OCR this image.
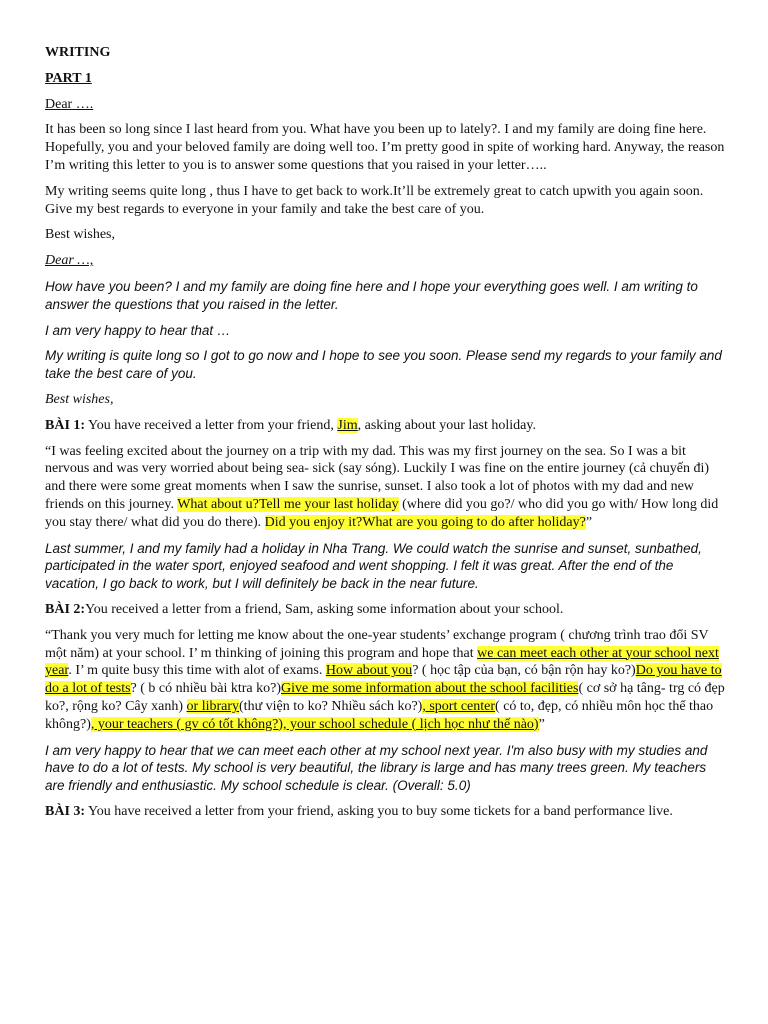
WRITING

PART 1

Dear ….

It has been so long since I last heard from you. What have you been up to lately?. I and my family are doing fine here. Hopefully, you and your beloved family are doing well too. I’m pretty good in spite of working hard. Anyway, the reason I’m writing this letter to you is to answer some questions that you raised in your letter…..

My writing seems quite long , thus I have to get back to work.It’ll be extremely great to catch upwith you again soon. Give my best regards to everyone in your family and take the best care of you.

Best wishes,

Dear …,

How have you been? I and my family are doing fine here and I hope your everything goes well. I am writing to answer the questions that you raised in the letter.

I am very happy to hear that …

My writing is quite long so I got to go now and I hope to see you soon. Please send my regards to your family and take the best care of you.

Best wishes,

BÀI 1: You have received a letter from your friend, Jim, asking about your last holiday.

“I was feeling excited about the journey on a trip with my dad. This was my first journey on the sea. So I was a bit nervous and was very worried about being sea- sick (say sóng). Luckily I was fine on the entire journey (cả chuyến đi) and there were some great moments when I saw the sunrise, sunset. I also took a lot of photos with my dad and new friends on this journey. What about u?Tell me your last holiday (where did you go?/ who did you go with/ How long did you stay there/ what did you do there). Did you enjoy it?What are you going to do after holiday?”

Last summer, I and my family had a holiday in Nha Trang. We could watch the sunrise and sunset, sunbathed, participated in the water sport, enjoyed seafood and went shopping. I felt it was great. After the end of the vacation, I go back to work, but I will definitely be back in the near future.

BÀI 2:You received a letter from a friend, Sam, asking some information about your school.

“Thank you very much for letting me know about the one-year students’ exchange program ( chương trình trao đổi SV một năm) at your school. I’ m thinking of joining this program and hope that we can meet each other at your school next year. I’ m quite busy this time with alot of exams. How about you? ( học tập của bạn, có bận rộn hay ko?)Do you have to do a lot of tests? ( b có nhiều bài ktra ko?)Give me some information about the school facilities( cơ sở hạ tâng- trg có đẹp ko?, rộng ko? Cây xanh) or library(thư viện to ko? Nhiều sách ko?), sport center( có to, đẹp, có nhiều môn học thể thao không?), your teachers ( gv có tốt không?), your school schedule ( lịch học như thế nào)”

I am very happy to hear that we can meet each other at my school next year. I'm also busy with my studies and have to do a lot of tests. My school is very beautiful, the library is large and has many trees green. My teachers are friendly and enthusiastic. My school schedule is clear. (Overall: 5.0)

BÀI 3: You have received a letter from your friend, asking you to buy some tickets for a band performance live.
